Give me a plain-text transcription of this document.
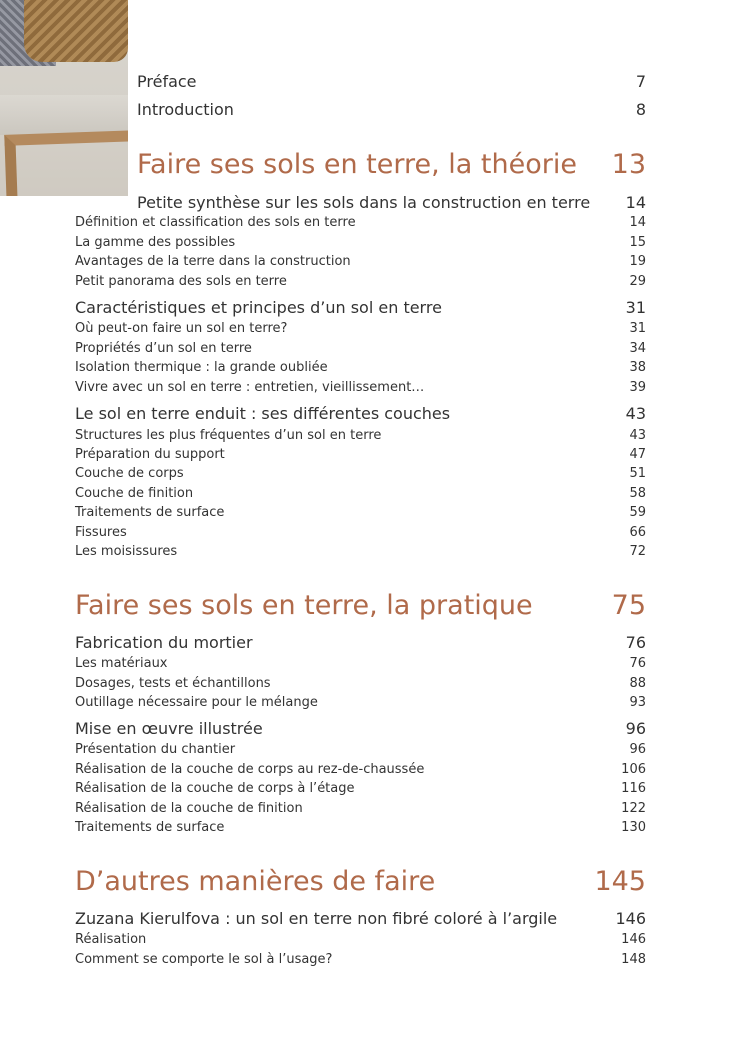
Préface	7
Introduction	8
Faire ses sols en terre, la théorie 13
Petite synthèse sur les sols dans la construction en terre 14
Définition et classification des sols en terre	14
La gamme des possibles	15
Avantages de la terre dans la construction	19
Petit panorama des sols en terre	29
Caractéristiques et principes d’un sol en terre	31
Où peut-on faire un sol en terre?	31
Propriétés d’un sol en terre	34
Isolation thermique : la grande oubliée	38
Vivre avec un sol en terre : entretien, vieillissement…	39
Le sol en terre enduit : ses différentes couches	43
Structures les plus fréquentes d’un sol en terre	43
Préparation du support	47
Couche de corps	51
Couche de finition	58
Traitements de surface	59
Fissures	66
Les moisissures	72
Faire ses sols en terre, la pratique	75
Fabrication du mortier	76
Les matériaux	76
Dosages, tests et échantillons	88
Outillage nécessaire pour le mélange	93
Mise en œuvre illustrée	96
Présentation du chantier	96
Réalisation de la couche de corps au rez-de-chaussée	106
Réalisation de la couche de corps à l’étage	116
Réalisation de la couche de finition	122
Traitements de surface	130
D’autres manières de faire	145
Zuzana Kierulfova : un sol en terre non fibré coloré à l’argile	146
Réalisation	146
Comment se comporte le sol à l’usage?	148
